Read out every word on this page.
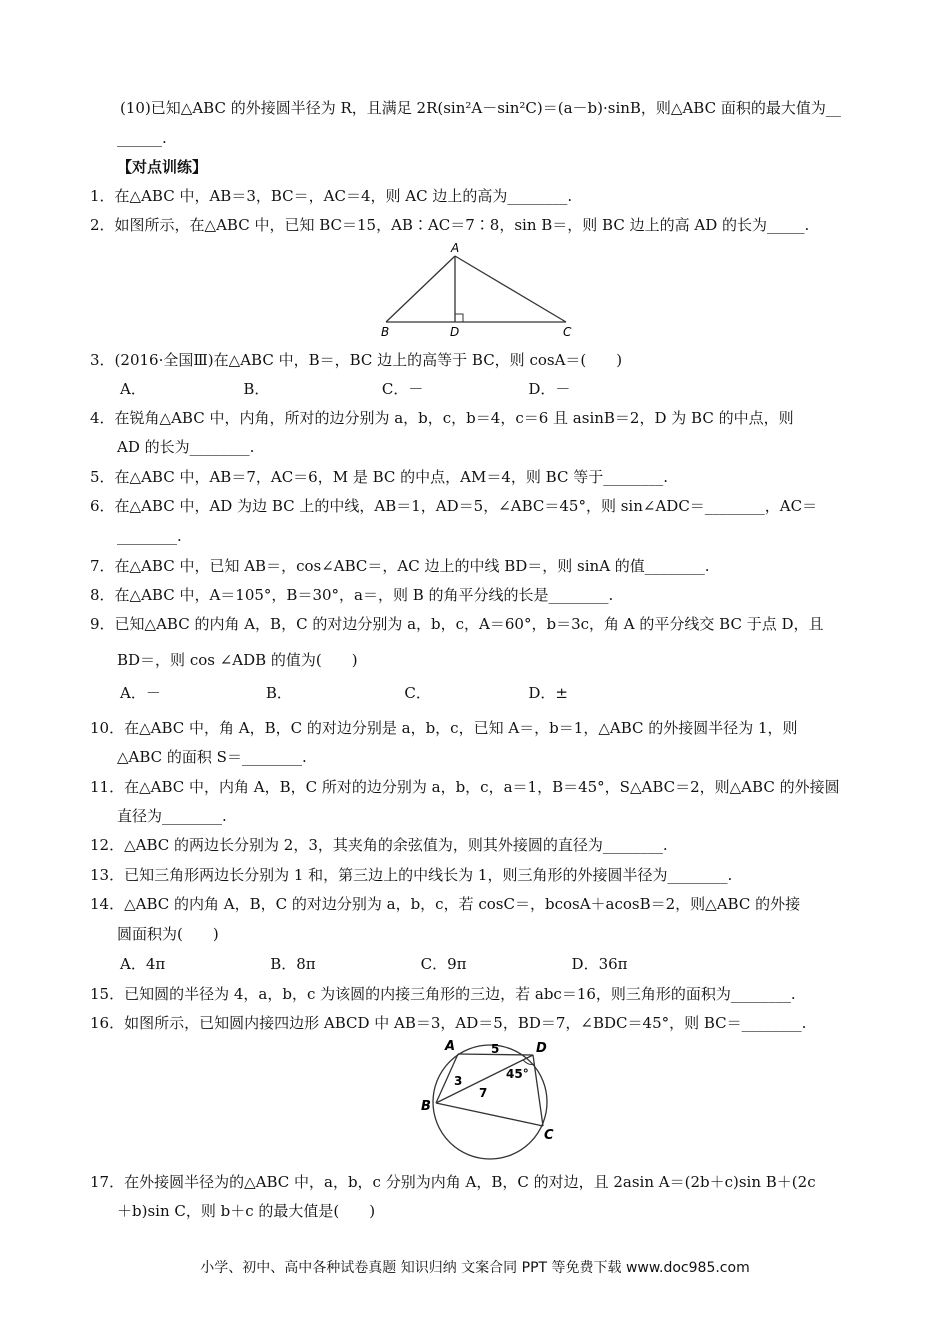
(10)已知△ABC 的外接圆半径为 R，且满足 2R(sin²A－sin²C)＝(a－b)·sinB，则△ABC 面积的最大值为__
______.
【对点训练】
1．在△ABC 中，AB＝3，BC＝，AC＝4，则 AC 边上的高为________.
2．如图所示，在△ABC 中，已知 BC＝15，AB∶AC＝7∶8，sin B＝，则 BC 边上的高 AD 的长为_____.
A
B	D	C
3．(2016·全国Ⅲ)在△ABC 中，B＝，BC 边上的高等于 BC，则 cosA＝(　　)
A．　　　　　　　B．　　　　　　　　C．－　　　　　　　D．－
4．在锐角△ABC 中，内角，所对的边分别为 a，b，c，b＝4，c＝6 且 asinB＝2，D 为 BC 的中点，则
AD 的长为________.
5．在△ABC 中，AB＝7，AC＝6，M 是 BC 的中点，AM＝4，则 BC 等于________.
6．在△ABC 中，AD 为边 BC 上的中线，AB＝1，AD＝5，∠ABC＝45°，则 sin∠ADC＝________，AC＝
________.
7．在△ABC 中，已知 AB＝，cos∠ABC＝，AC 边上的中线 BD＝，则 sinA 的值________.
8．在△ABC 中，A＝105°，B＝30°，a＝，则 B 的角平分线的长是________.
9．已知△ABC 的内角 A，B，C 的对边分别为 a，b，c，A＝60°，b＝3c，角 A 的平分线交 BC 于点 D，且
BD＝，则 cos ∠ADB 的值为(　　)
A．－　　　　　　　B．　　　　　　　　C．　　　　　　　D．±
10．在△ABC 中，角 A，B，C 的对边分别是 a，b，c，已知 A＝，b＝1，△ABC 的外接圆半径为 1，则
△ABC 的面积 S＝________.
11．在△ABC 中，内角 A，B，C 所对的边分别为 a，b，c，a＝1，B＝45°，S△ABC＝2，则△ABC 的外接圆
直径为________.
12．△ABC 的两边长分别为 2，3，其夹角的余弦值为，则其外接圆的直径为________.
13．已知三角形两边长分别为 1 和，第三边上的中线长为 1，则三角形的外接圆半径为________.
14．△ABC 的内角 A，B，C 的对边分别为 a，b，c，若 cosC＝，bcosA＋acosB＝2，则△ABC 的外接
圆面积为(　　)
A．4π　　　　　　　B．8π　　　　　　　C．9π　　　　　　　D．36π
15．已知圆的半径为 4，a，b，c 为该圆的内接三角形的三边，若 abc＝16，则三角形的面积为________.
16．如图所示，已知圆内接四边形 ABCD 中 AB＝3，AD＝5，BD＝7，∠BDC＝45°，则 BC＝________.
A	D
B
C
5
3
7
45°
17．在外接圆半径为的△ABC 中，a，b，c 分别为内角 A，B，C 的对边，且 2asin A＝(2b＋c)sin B＋(2c
＋b)sin C，则 b＋c 的最大值是(　　)
小学、初中、高中各种试卷真题 知识归纳 文案合同 PPT 等免费下载 www.doc985.com
